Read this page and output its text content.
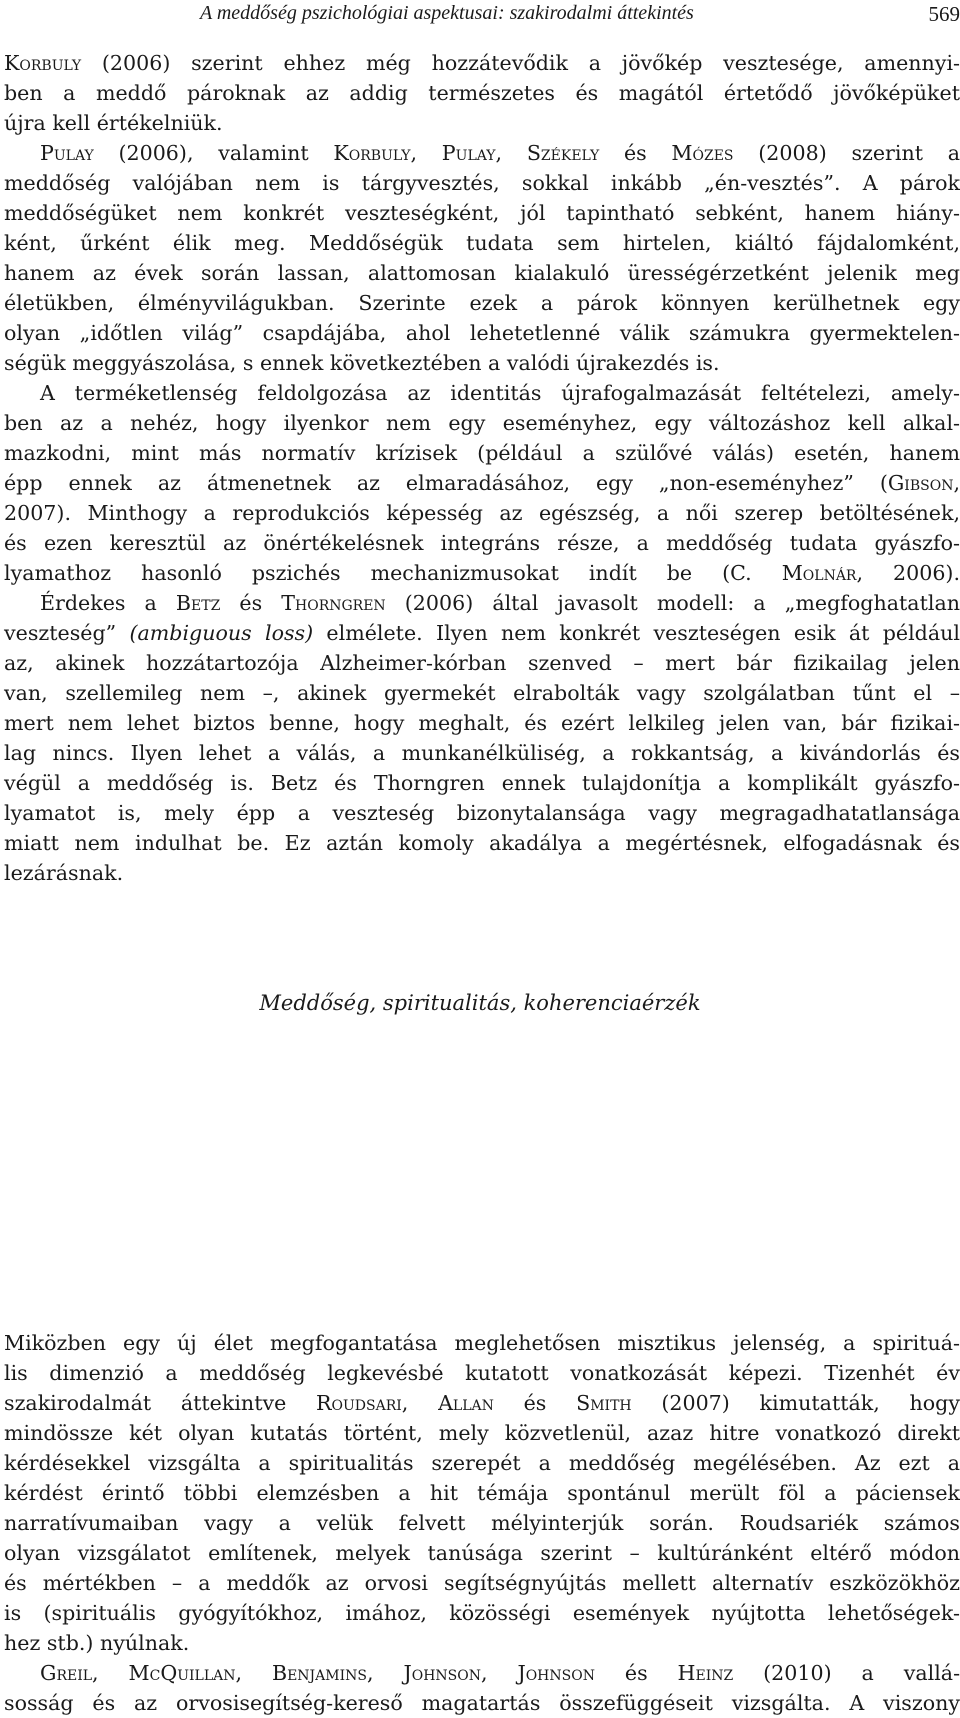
A meddőség pszichológiai aspektusai: szakirodalmi áttekintés	569
Korbuly (2006) szerint ehhez még hozzátevődik a jövőkép vesztesége, amennyi-
ben a meddő pároknak az addig természetes és magától értetődő jövőképüket
újra kell értékelniük.
Pulay (2006), valamint Korbuly, Pulay, Székely és Mózes (2008) szerint a
meddőség valójában nem is tárgyvesztés, sokkal inkább „én-vesztés”. A párok
meddőségüket nem konkrét veszteségként, jól tapintható sebként, hanem hiány-
ként, űrként élik meg. Meddőségük tudata sem hirtelen, kiáltó fájdalomként,
hanem az évek során lassan, alattomosan kialakuló ürességérzetként jelenik meg
életükben, élményvilágukban. Szerinte ezek a párok könnyen kerülhetnek egy
olyan „időtlen világ” csapdájába, ahol lehetetlenné válik számukra gyermektelen-
ségük meggyászolása, s ennek következtében a valódi újrakezdés is.
A terméketlenség feldolgozása az identitás újrafogalmazását feltételezi, amely-
ben az a nehéz, hogy ilyenkor nem egy eseményhez, egy változáshoz kell alkal-
mazkodni, mint más normatív krízisek (például a szülővé válás) esetén, hanem
épp ennek az átmenetnek az elmaradásához, egy „non-eseményhez” (Gibson,
2007). Minthogy a reprodukciós képesség az egészség, a női szerep betöltésének,
és ezen keresztül az önértékelésnek integráns része, a meddőség tudata gyászfo-
lyamathoz hasonló pszichés mechanizmusokat indít be (C. Molnár, 2006).
Érdekes a Betz és Thorngren (2006) által javasolt modell: a „megfoghatatlan
veszteség” (ambiguous loss) elmélete. Ilyen nem konkrét veszteségen esik át például
az, akinek hozzátartozója Alzheimer-kórban szenved – mert bár fizikailag jelen
van, szellemileg nem –, akinek gyermekét elrabolták vagy szolgálatban tűnt el –
mert nem lehet biztos benne, hogy meghalt, és ezért lelkileg jelen van, bár fizikai-
lag nincs. Ilyen lehet a válás, a munkanélküliség, a rokkantság, a kivándorlás és
végül a meddőség is. Betz és Thorngren ennek tulajdonítja a komplikált gyászfo-
lyamatot is, mely épp a veszteség bizonytalansága vagy megragadhatatlansága
miatt nem indulhat be. Ez aztán komoly akadálya a megértésnek, elfogadásnak és
lezárásnak.
Meddőség, spiritualitás, koherenciaérzék
Miközben egy új élet megfogantatása meglehetősen misztikus jelenség, a spirituá-
lis dimenzió a meddőség legkevésbé kutatott vonatkozását képezi. Tizenhét év
szakirodalmát áttekintve Roudsari, Allan és Smith (2007) kimutatták, hogy
mindössze két olyan kutatás történt, mely közvetlenül, azaz hitre vonatkozó direkt
kérdésekkel vizsgálta a spiritualitás szerepét a meddőség megélésében. Az ezt a
kérdést érintő többi elemzésben a hit témája spontánul merült föl a páciensek
narratívumaiban vagy a velük felvett mélyinterjúk során. Roudsariék számos
olyan vizsgálatot említenek, melyek tanúsága szerint – kultúránként eltérő módon
és mértékben – a meddők az orvosi segítségnyújtás mellett alternatív eszközökhöz
is (spirituális gyógyítókhoz, imához, közösségi események nyújtotta lehetőségek-
hez stb.) nyúlnak.
Greil, McQuillan, Benjamins, Johnson, Johnson és Heinz (2010) a vallá-
sosság és az orvosisegítség-kereső magatartás összefüggéseit vizsgálta. A viszony
